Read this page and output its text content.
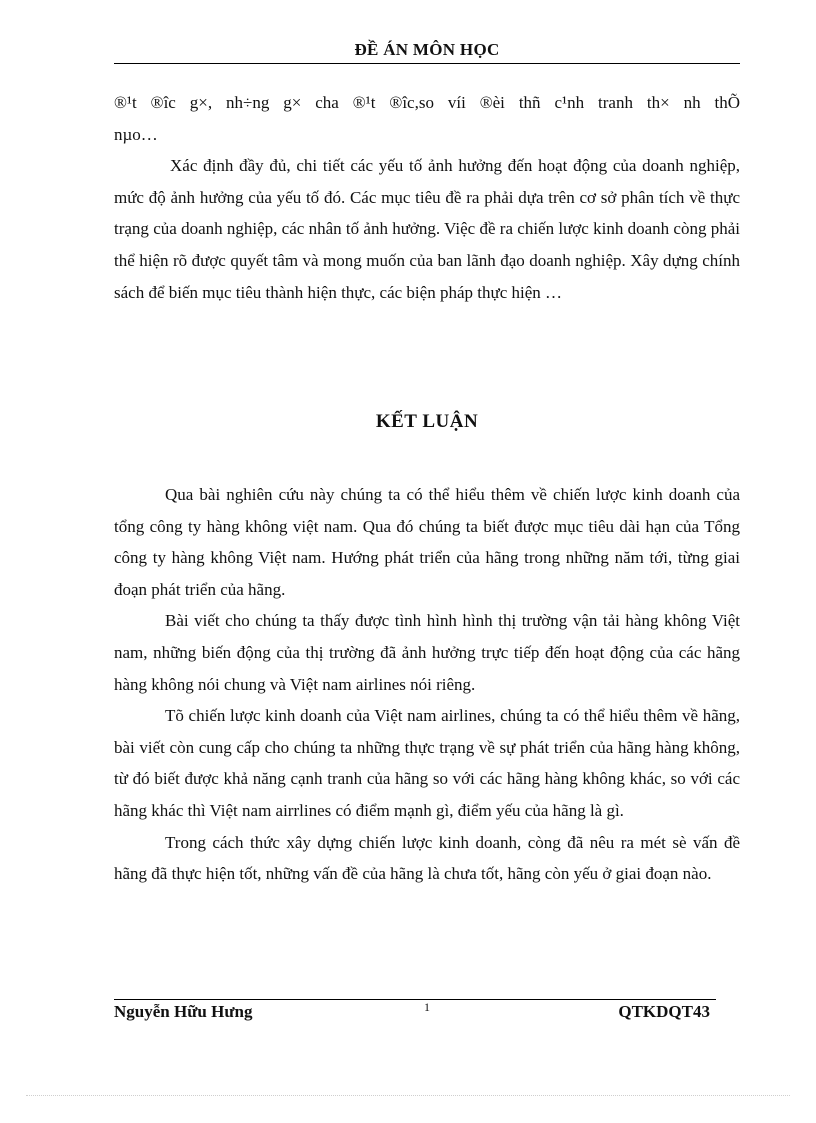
ĐỀ ÁN MÔN HỌC

®¹t ®îc g×, nh÷ng g× cha ®¹t ®îc,so víi ®èi thñ c¹nh tranh th× nh thÕ

nµo…

Xác định đầy đủ, chi tiết các yếu tố ảnh hưởng đến hoạt động của doanh nghiệp, mức độ ảnh hưởng của yếu tố đó. Các mục tiêu đề ra phải dựa trên cơ sở phân tích về thực trạng của doanh nghiệp, các nhân tố ảnh hưởng. Việc đề ra chiến lược kinh doanh còng phải thể hiện rõ được quyết tâm và mong muốn của ban lãnh đạo doanh nghiệp. Xây dựng chính sách để biến mục tiêu thành hiện thực, các biện pháp thực hiện …

KẾT LUẬN

Qua bài nghiên cứu này chúng ta có thể hiểu thêm về chiến lược kinh doanh của tổng công ty hàng không việt nam. Qua đó chúng ta biết được mục tiêu dài hạn của Tổng công ty hàng không Việt nam. Hướng phát triển của hãng trong những năm tới, từng giai đoạn phát triển của hãng.

Bài viết cho chúng ta thấy được tình hình hình thị trường vận tải hàng không Việt nam, những biến động của thị trường đã ảnh hưởng trực tiếp đến hoạt động của các hãng hàng không nói chung và Việt nam airlines nói riêng.

Tõ chiến lược kinh doanh của Việt nam airlines, chúng ta có thể hiểu thêm về hãng, bài viết còn cung cấp cho chúng ta những thực trạng về sự phát triển của hãng hàng không, từ đó biết được khả năng cạnh tranh của hãng so với các hãng hàng không khác, so với các hãng khác thì Việt nam airrlines có điểm mạnh gì, điểm yếu của hãng là gì.

Trong cách thức xây dựng chiến lược kinh doanh, còng đã nêu ra mét sè vấn đề hãng đã thực hiện tốt, những vấn đề của hãng là chưa tốt, hãng còn yếu ở giai đoạn nào.

Nguyễn Hữu Hưng	1	QTKDQT43
